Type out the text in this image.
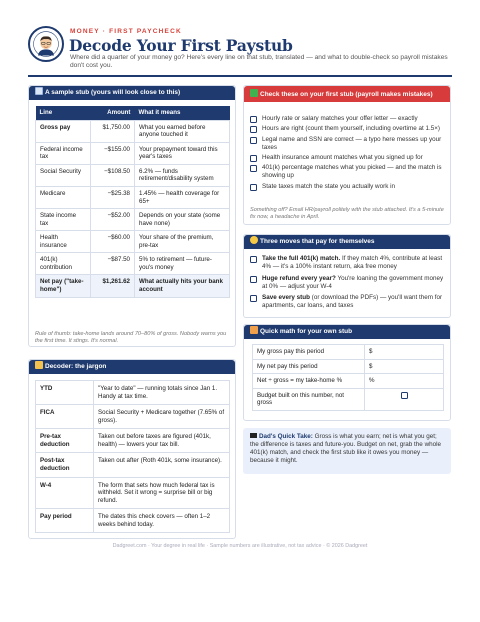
MONEY · FIRST PAYCHECK
Decode Your First Paystub
Where did a quarter of your money go? Here's every line on that stub, translated — and what to double-check so payroll mistakes don't cost you.
A sample stub (yours will look close to this)
Line	Amount	What it means
Gross pay	$1,750.00	What you earned before anyone touched it
Federal income tax	−$155.00	Your prepayment toward this year's taxes
Social Security	−$108.50	6.2% — funds retirement/disability system
Medicare	−$25.38	1.45% — health coverage for 65+
State income tax	−$52.00	Depends on your state (some have none)
Health insurance	−$60.00	Your share of the premium, pre-tax
401(k) contribution	−$87.50	5% to retirement — future-you's money
Net pay ("take-home")	$1,261.62	What actually hits your bank account
Rule of thumb: take-home lands around 70–80% of gross. Nobody warns you the first time. It stings. It's normal.
Decoder: the jargon
YTD	"Year to date" — running totals since Jan 1. Handy at tax time.
FICA	Social Security + Medicare together (7.65% of gross).
Pre-tax deduction	Taken out before taxes are figured (401k, health) — lowers your tax bill.
Post-tax deduction	Taken out after (Roth 401k, some insurance).
W-4	The form that sets how much federal tax is withheld. Set it wrong = surprise bill or big refund.
Pay period	The dates this check covers — often 1–2 weeks behind today.
Check these on your first stub (payroll makes mistakes)
Hourly rate or salary matches your offer letter — exactly
Hours are right (count them yourself, including overtime at 1.5×)
Legal name and SSN are correct — a typo here messes up your taxes
Health insurance amount matches what you signed up for
401(k) percentage matches what you picked — and the match is showing up
State taxes match the state you actually work in
Something off? Email HR/payroll politely with the stub attached. It's a 5-minute fix now, a headache in April.
Three moves that pay for themselves
Take the full 401(k) match. If they match 4%, contribute at least 4% — it's a 100% instant return, aka free money
Huge refund every year? You're loaning the government money at 0% — adjust your W-4
Save every stub (or download the PDFs) — you'll want them for apartments, car loans, and taxes
Quick math for your own stub
My gross pay this period	$
My net pay this period	$
Net ÷ gross = my take-home %	%
Budget built on this number, not gross	
Dad's Quick Take: Gross is what you earn; net is what you get; the difference is taxes and future-you. Budget on net, grab the whole 401(k) match, and check the first stub like it owes you money — because it might.
Dadgreet.com · Your degree in real life · Sample numbers are illustrative, not tax advice · © 2026 Dadgreet
